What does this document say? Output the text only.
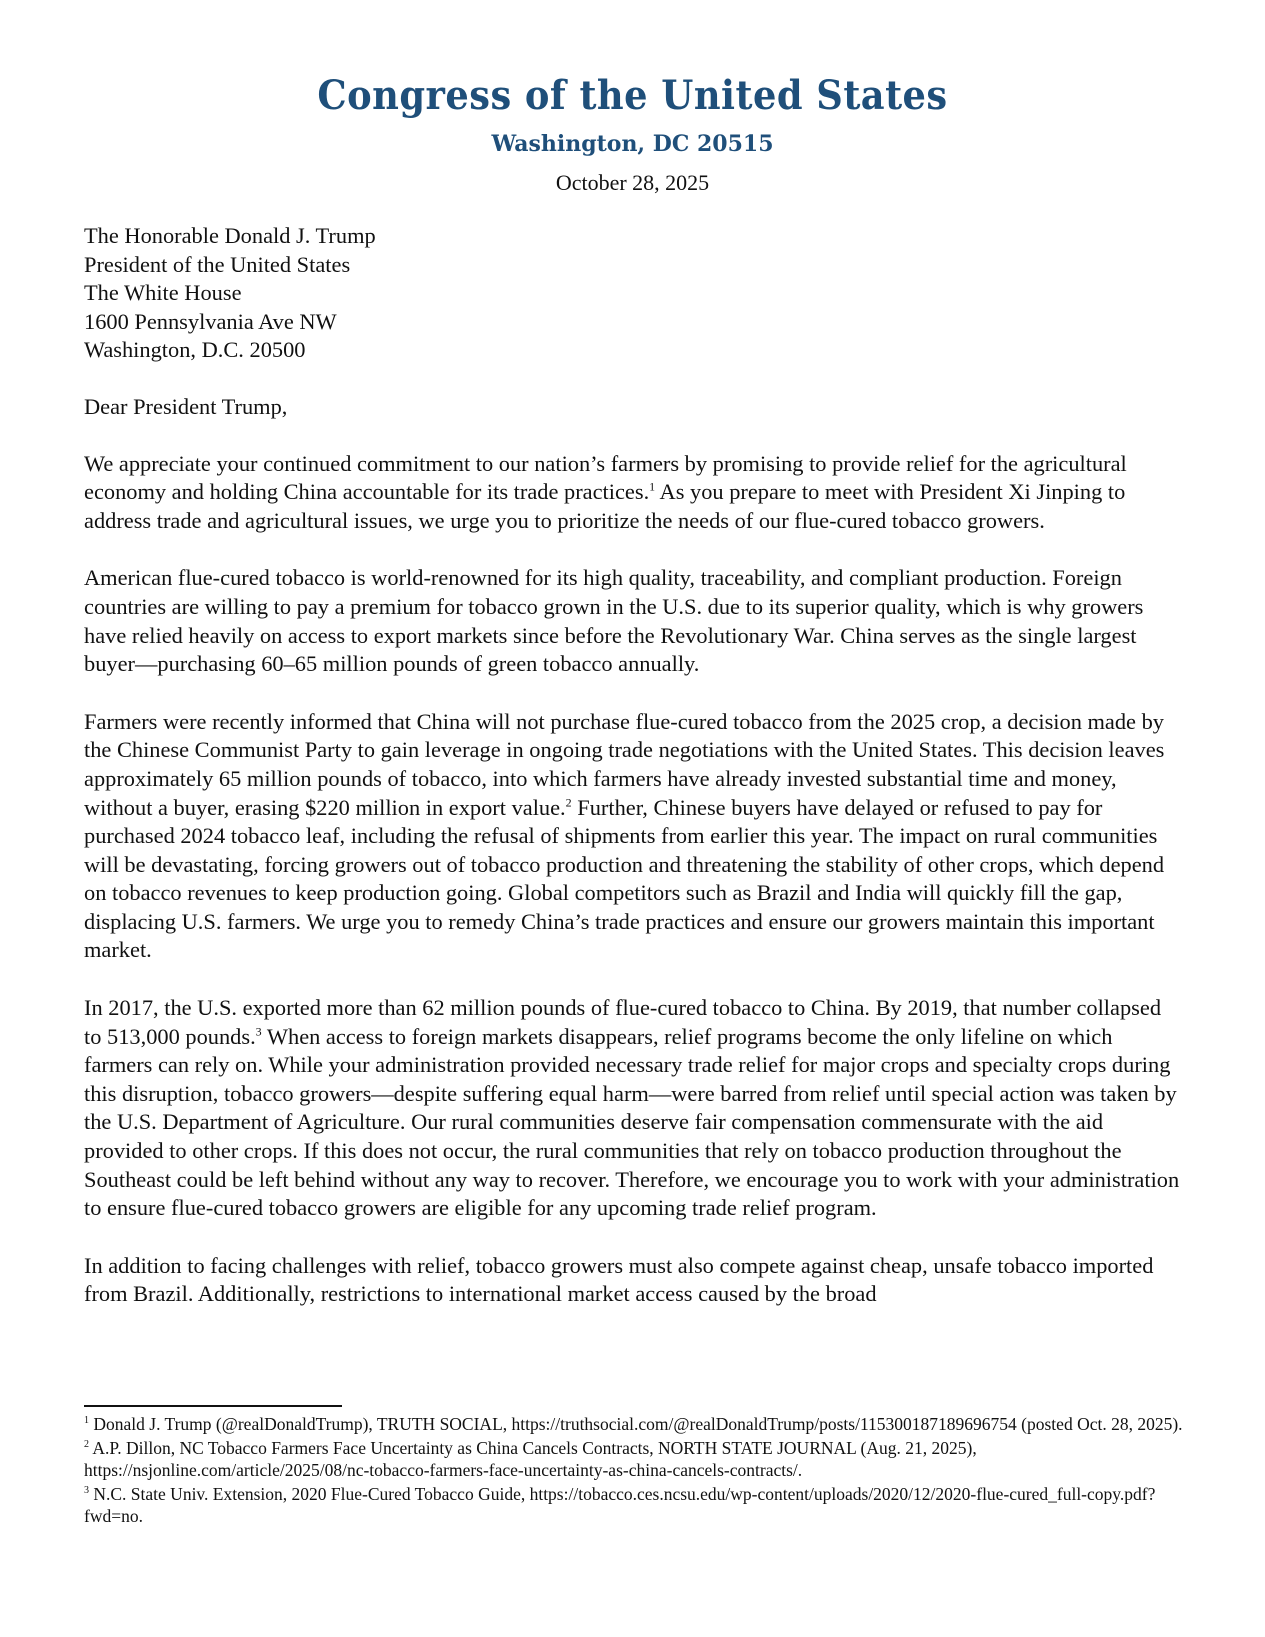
Congress of the United States
Washington, DC 20515
October 28, 2025
The Honorable Donald J. Trump
President of the United States
The White House
1600 Pennsylvania Ave NW
Washington, D.C. 20500
Dear President Trump,

We appreciate your continued commitment to our nation’s farmers by promising to provide relief for the agricultural economy and holding China accountable for its trade practices.$^1$ As you prepare to meet with President Xi Jinping to address trade and agricultural issues, we urge you to prioritize the needs of our flue-cured tobacco growers.

American flue-cured tobacco is world-renowned for its high quality, traceability, and compliant production. Foreign countries are willing to pay a premium for tobacco grown in the U.S. due to its superior quality, which is why growers have relied heavily on access to export markets since before the Revolutionary War. China serves as the single largest buyer—purchasing 60–65 million pounds of green tobacco annually.

Farmers were recently informed that China will not purchase flue-cured tobacco from the 2025 crop, a decision made by the Chinese Communist Party to gain leverage in ongoing trade negotiations with the United States. This decision leaves approximately 65 million pounds of tobacco, into which farmers have already invested substantial time and money, without a buyer, erasing $220 million in export value.$^2$ Further, Chinese buyers have delayed or refused to pay for purchased 2024 tobacco leaf, including the refusal of shipments from earlier this year. The impact on rural communities will be devastating, forcing growers out of tobacco production and threatening the stability of other crops, which depend on tobacco revenues to keep production going. Global competitors such as Brazil and India will quickly fill the gap, displacing U.S. farmers. We urge you to remedy China’s trade practices and ensure our growers maintain this important market.

In 2017, the U.S. exported more than 62 million pounds of flue-cured tobacco to China. By 2019, that number collapsed to 513,000 pounds.$^3$ When access to foreign markets disappears, relief programs become the only lifeline on which farmers can rely on. While your administration provided necessary trade relief for major crops and specialty crops during this disruption, tobacco growers—despite suffering equal harm—were barred from relief until special action was taken by the U.S. Department of Agriculture. Our rural communities deserve fair compensation commensurate with the aid provided to other crops. If this does not occur, the rural communities that rely on tobacco production throughout the Southeast could be left behind without any way to recover. Therefore, we encourage you to work with your administration to ensure flue-cured tobacco growers are eligible for any upcoming trade relief program.

In addition to facing challenges with relief, tobacco growers must also compete against cheap, unsafe tobacco imported from Brazil. Additionally, restrictions to international market access caused by the broad

$^1$ Donald J. Trump (@realDonaldTrump), TRUTH SOCIAL, https://truthsocial.com/@realDonaldTrump/posts/115300187189696754 (posted Oct. 28, 2025).
$^2$ A.P. Dillon, NC Tobacco Farmers Face Uncertainty as China Cancels Contracts, NORTH STATE JOURNAL (Aug. 21, 2025), https://nsjonline.com/article/2025/08/nc-tobacco-farmers-face-uncertainty-as-china-cancels-contracts/.
$^3$ N.C. State Univ. Extension, 2020 Flue-Cured Tobacco Guide, https://tobacco.ces.ncsu.edu/wp-content/uploads/2020/12/2020-flue-cured_full-copy.pdf?fwd=no.
